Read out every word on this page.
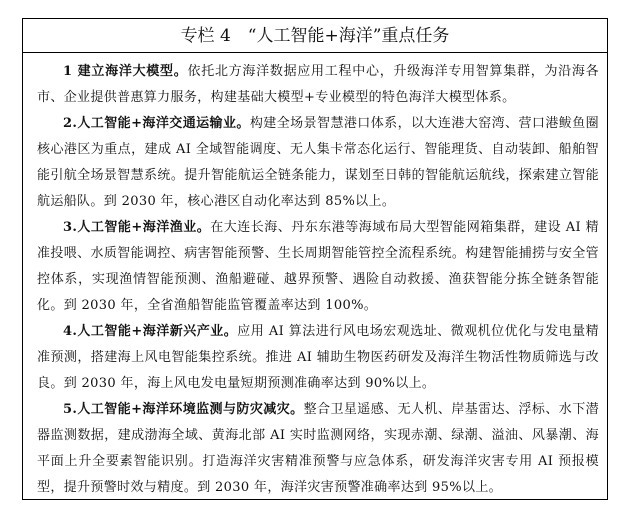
专栏 4　“人工智能+海洋”重点任务

1 建立海洋大模型。依托北方海洋数据应用工程中心，升级海洋专用智算集群，为沿海各市、企业提供普惠算力服务，构建基础大模型+专业模型的特色海洋大模型体系。

2.人工智能+海洋交通运输业。构建全场景智慧港口体系，以大连港大窑湾、营口港鲅鱼圈核心港区为重点，建成 AI 全域智能调度、无人集卡常态化运行、智能理货、自动装卸、船舶智能引航全场景智慧系统。提升智能航运全链条能力，谋划至日韩的智能航运航线，探索建立智能航运船队。到 2030 年，核心港区自动化率达到 85%以上。

3.人工智能+海洋渔业。在大连长海、丹东东港等海域布局大型智能网箱集群，建设 AI 精准投喂、水质智能调控、病害智能预警、生长周期智能管控全流程系统。构建智能捕捞与安全管控体系，实现渔情智能预测、渔船避碰、越界预警、遇险自动救援、渔获智能分拣全链条智能化。到 2030 年，全省渔船智能监管覆盖率达到 100%。

4.人工智能+海洋新兴产业。应用 AI 算法进行风电场宏观选址、微观机位优化与发电量精准预测，搭建海上风电智能集控系统。推进 AI 辅助生物医药研发及海洋生物活性物质筛选与改良。到 2030 年，海上风电发电量短期预测准确率达到 90%以上。

5.人工智能+海洋环境监测与防灾减灾。整合卫星遥感、无人机、岸基雷达、浮标、水下潜器监测数据，建成渤海全域、黄海北部 AI 实时监测网络，实现赤潮、绿潮、溢油、风暴潮、海平面上升全要素智能识别。打造海洋灾害精准预警与应急体系，研发海洋灾害专用 AI 预报模型，提升预警时效与精度。到 2030 年，海洋灾害预警准确率达到 95%以上。
